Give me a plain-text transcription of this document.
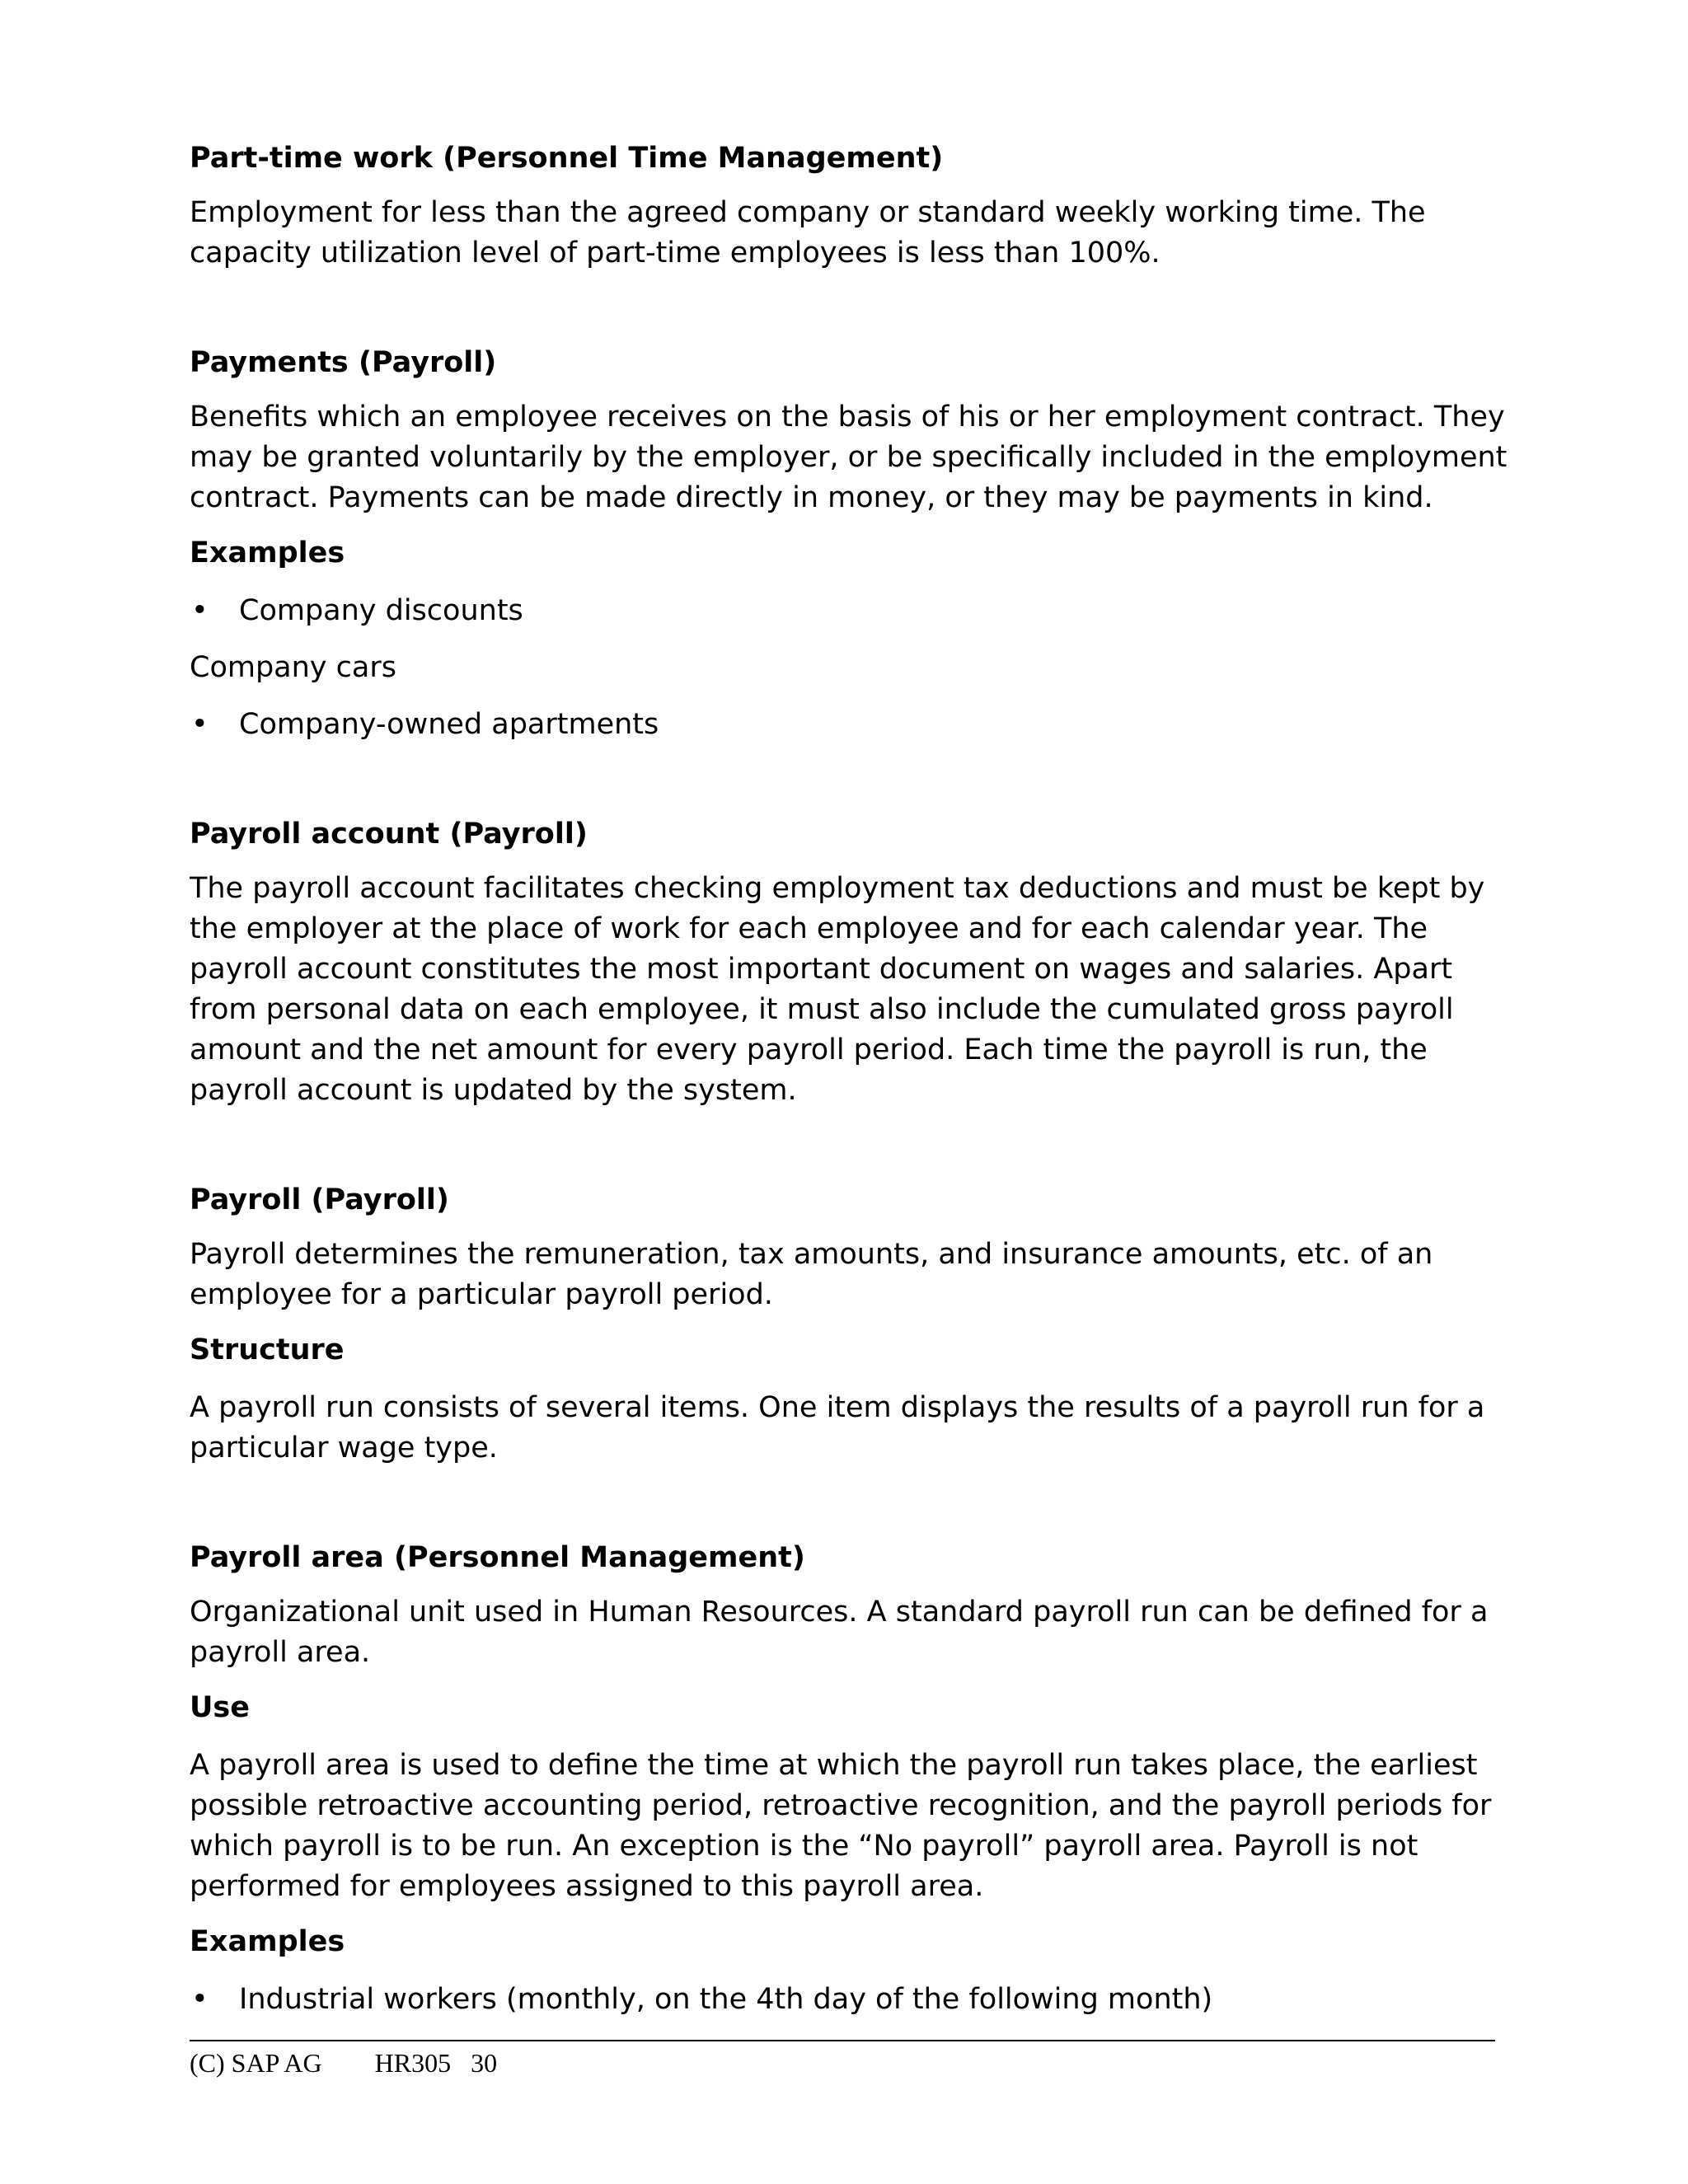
Part-time work (Personnel Time Management)

Employment for less than the agreed company or standard weekly working time. The capacity utilization level of part-time employees is less than 100%.

Payments (Payroll)

Benefits which an employee receives on the basis of his or her employment contract. They may be granted voluntarily by the employer, or be specifically included in the employment contract. Payments can be made directly in money, or they may be payments in kind.

Examples
• Company discounts

Company cars

• Company-owned apartments
Payroll account (Payroll)

The payroll account facilitates checking employment tax deductions and must be kept by the employer at the place of work for each employee and for each calendar year. The payroll account constitutes the most important document on wages and salaries. Apart from personal data on each employee, it must also include the cumulated gross payroll amount and the net amount for every payroll period. Each time the payroll is run, the payroll account is updated by the system.

Payroll (Payroll)

Payroll determines the remuneration, tax amounts, and insurance amounts, etc. of an employee for a particular payroll period.

Structure

A payroll run consists of several items. One item displays the results of a payroll run for a particular wage type.

Payroll area (Personnel Management)

Organizational unit used in Human Resources. A standard payroll run can be defined for a payroll area.

Use

A payroll area is used to define the time at which the payroll run takes place, the earliest possible retroactive accounting period, retroactive recognition, and the payroll periods for which payroll is to be run. An exception is the “No payroll” payroll area. Payroll is not performed for employees assigned to this payroll area.

Examples
• Industrial workers (monthly, on the 4th day of the following month)
(C) SAP AG HR305 30
